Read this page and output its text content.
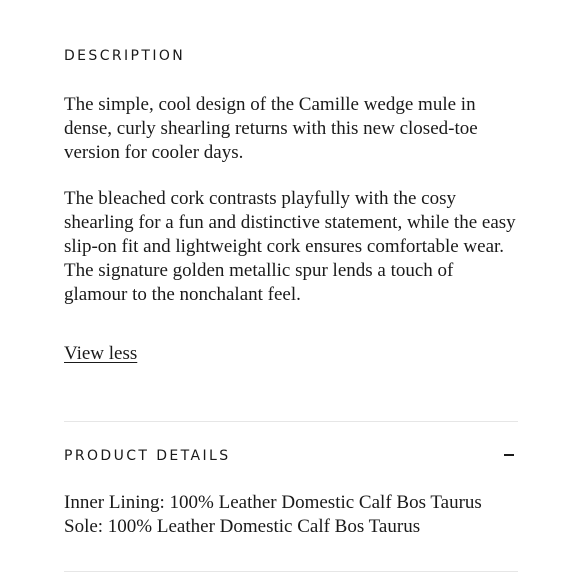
DESCRIPTION

The simple, cool design of the Camille wedge mule in dense, curly shearling returns with this new closed-toe version for cooler days.

The bleached cork contrasts playfully with the cosy shearling for a fun and distinctive statement, while the easy slip-on fit and lightweight cork ensures comfortable wear. The signature golden metallic spur lends a touch of glamour to the nonchalant feel.

View less
PRODUCT DETAILS
Inner Lining: 100% Leather Domestic Calf Bos Taurus
Sole: 100% Leather Domestic Calf Bos Taurus
